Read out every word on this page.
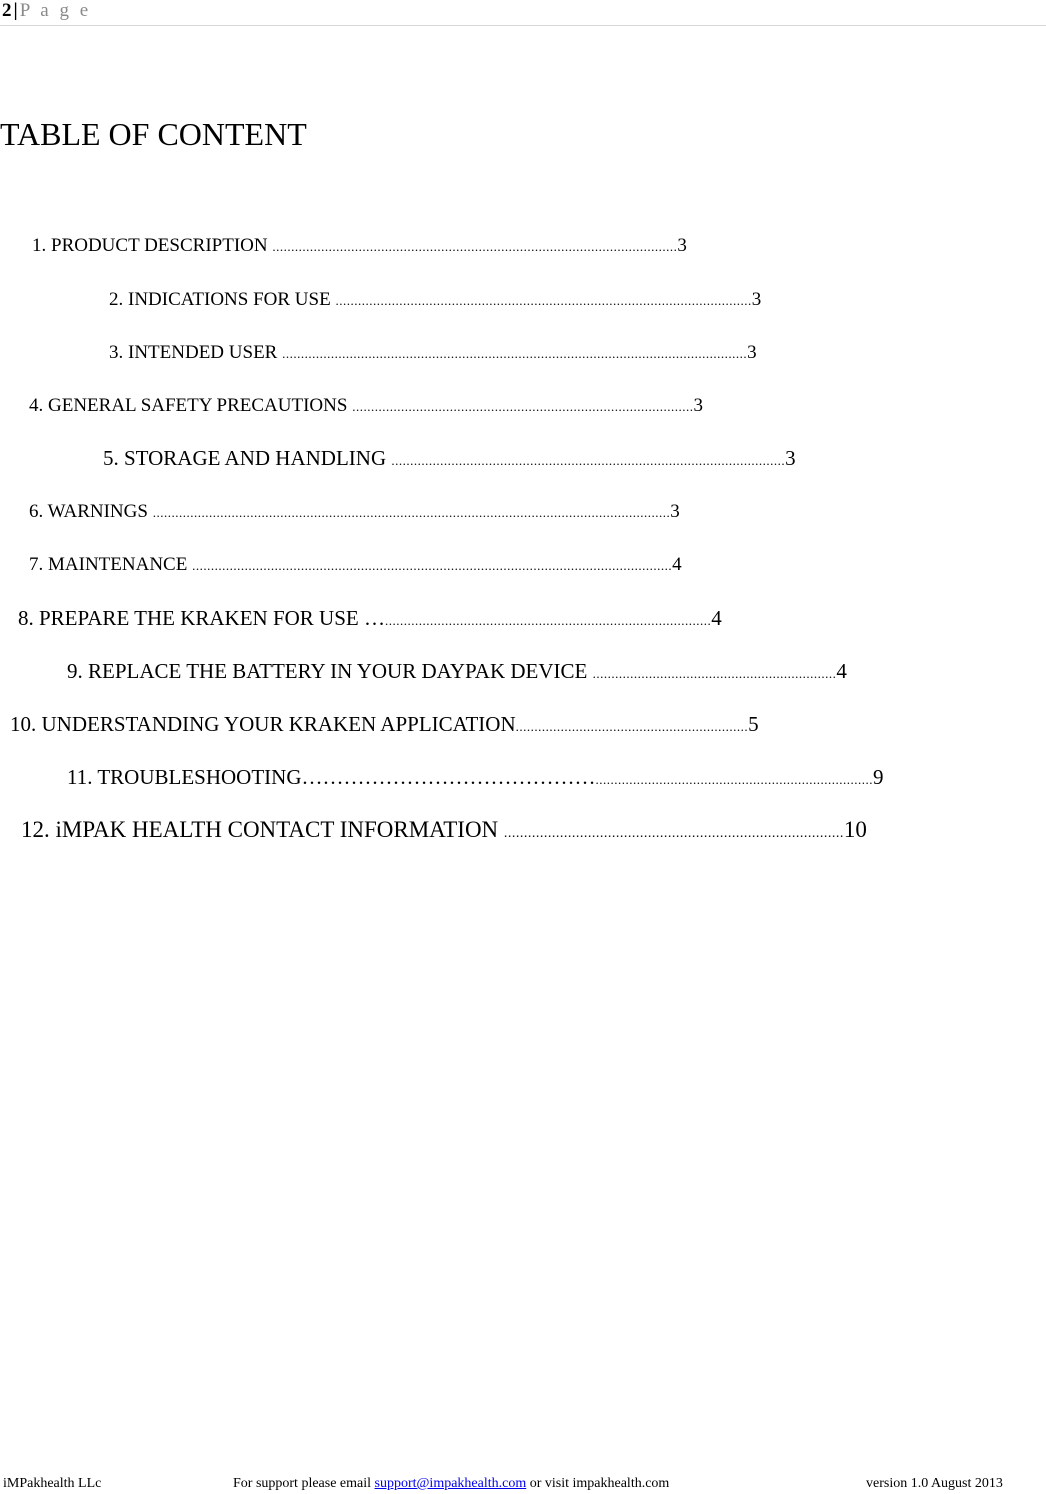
2 | P a g e
TABLE OF CONTENT
1. PRODUCT DESCRIPTION ............................................................................................................3
2. INDICATIONS FOR USE ...............................................................................................................3
3. INTENDED USER ............................................................................................................................3
4. GENERAL SAFETY PRECAUTIONS ...........................................................................................3
5. STORAGE AND HANDLING .........................................................................................................3
6. WARNINGS ..........................................................................................................................................3
7. MAINTENANCE ................................................................................................................................4
8. PREPARE THE KRAKEN FOR USE ….......................................................................................4
9. REPLACE THE BATTERY IN YOUR DAYPAK DEVICE .................................................................4
10. UNDERSTANDING YOUR KRAKEN APPLICATION..............................................................5
11. TROUBLESHOOTING……………………………………..........................................................................9
12. iMPAK HEALTH CONTACT INFORMATION .....................................................................................10
iMPakhealth LLc	For support please email support@impakhealth.com or visit impakhealth.com	version 1.0 August 2013
